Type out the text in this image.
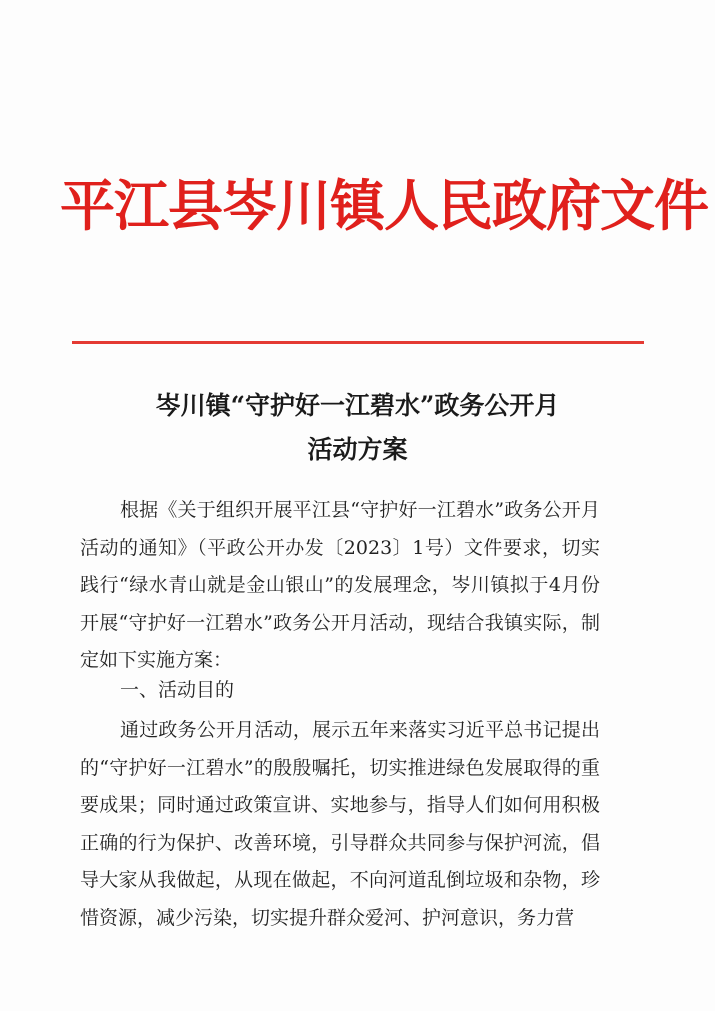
平江县岑川镇人民政府文件
岑川镇“守护好一江碧水”政务公开月
活动方案

根据《关于组织开展平江县“守护好一江碧水”政务公开月活动的通知》（平政公开办发〔2023〕1号）文件要求，切实践行“绿水青山就是金山银山”的发展理念，岑川镇拟于4月份开展“守护好一江碧水”政务公开月活动，现结合我镇实际，制定如下实施方案：

一、活动目的

通过政务公开月活动，展示五年来落实习近平总书记提出的“守护好一江碧水”的殷殷嘱托，切实推进绿色发展取得的重要成果；同时通过政策宣讲、实地参与，指导人们如何用积极正确的行为保护、改善环境，引导群众共同参与保护河流，倡导大家从我做起，从现在做起，不向河道乱倒垃圾和杂物，珍惜资源，减少污染，切实提升群众爱河、护河意识，务力营
